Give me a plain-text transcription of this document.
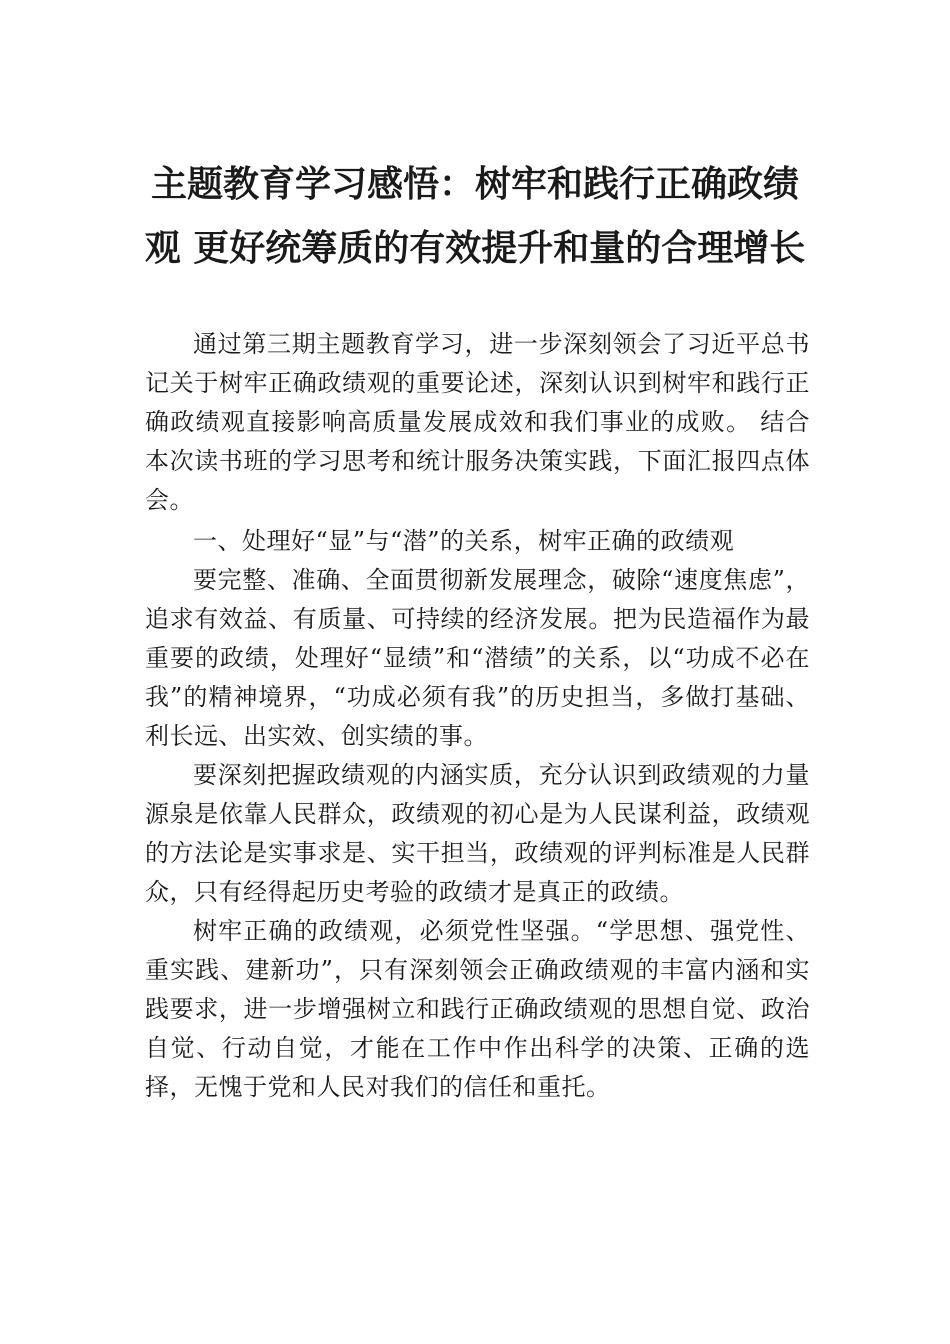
主题教育学习感悟：树牢和践行正确政绩
观 更好统筹质的有效提升和量的合理增长

通过第三期主题教育学习，进一步深刻领会了习近平总书记关于树牢正确政绩观的重要论述，深刻认识到树牢和践行正确政绩观直接影响高质量发展成效和我们事业的成败。 结合本次读书班的学习思考和统计服务决策实践，下面汇报四点体会。

一、处理好“显”与“潜”的关系，树牢正确的政绩观

要完整、准确、全面贯彻新发展理念，破除“速度焦虑”，追求有效益、有质量、可持续的经济发展。把为民造福作为最重要的政绩，处理好“显绩”和“潜绩”的关系，以“功成不必在我”的精神境界，“功成必须有我”的历史担当，多做打基础、利长远、出实效、创实绩的事。

要深刻把握政绩观的内涵实质，充分认识到政绩观的力量源泉是依靠人民群众，政绩观的初心是为人民谋利益，政绩观的方法论是实事求是、实干担当，政绩观的评判标准是人民群众，只有经得起历史考验的政绩才是真正的政绩。

树牢正确的政绩观，必须党性坚强。“学思想、强党性、重实践、建新功”，只有深刻领会正确政绩观的丰富内涵和实践要求，进一步增强树立和践行正确政绩观的思想自觉、政治自觉、行动自觉，才能在工作中作出科学的决策、正确的选择，无愧于党和人民对我们的信任和重托。
